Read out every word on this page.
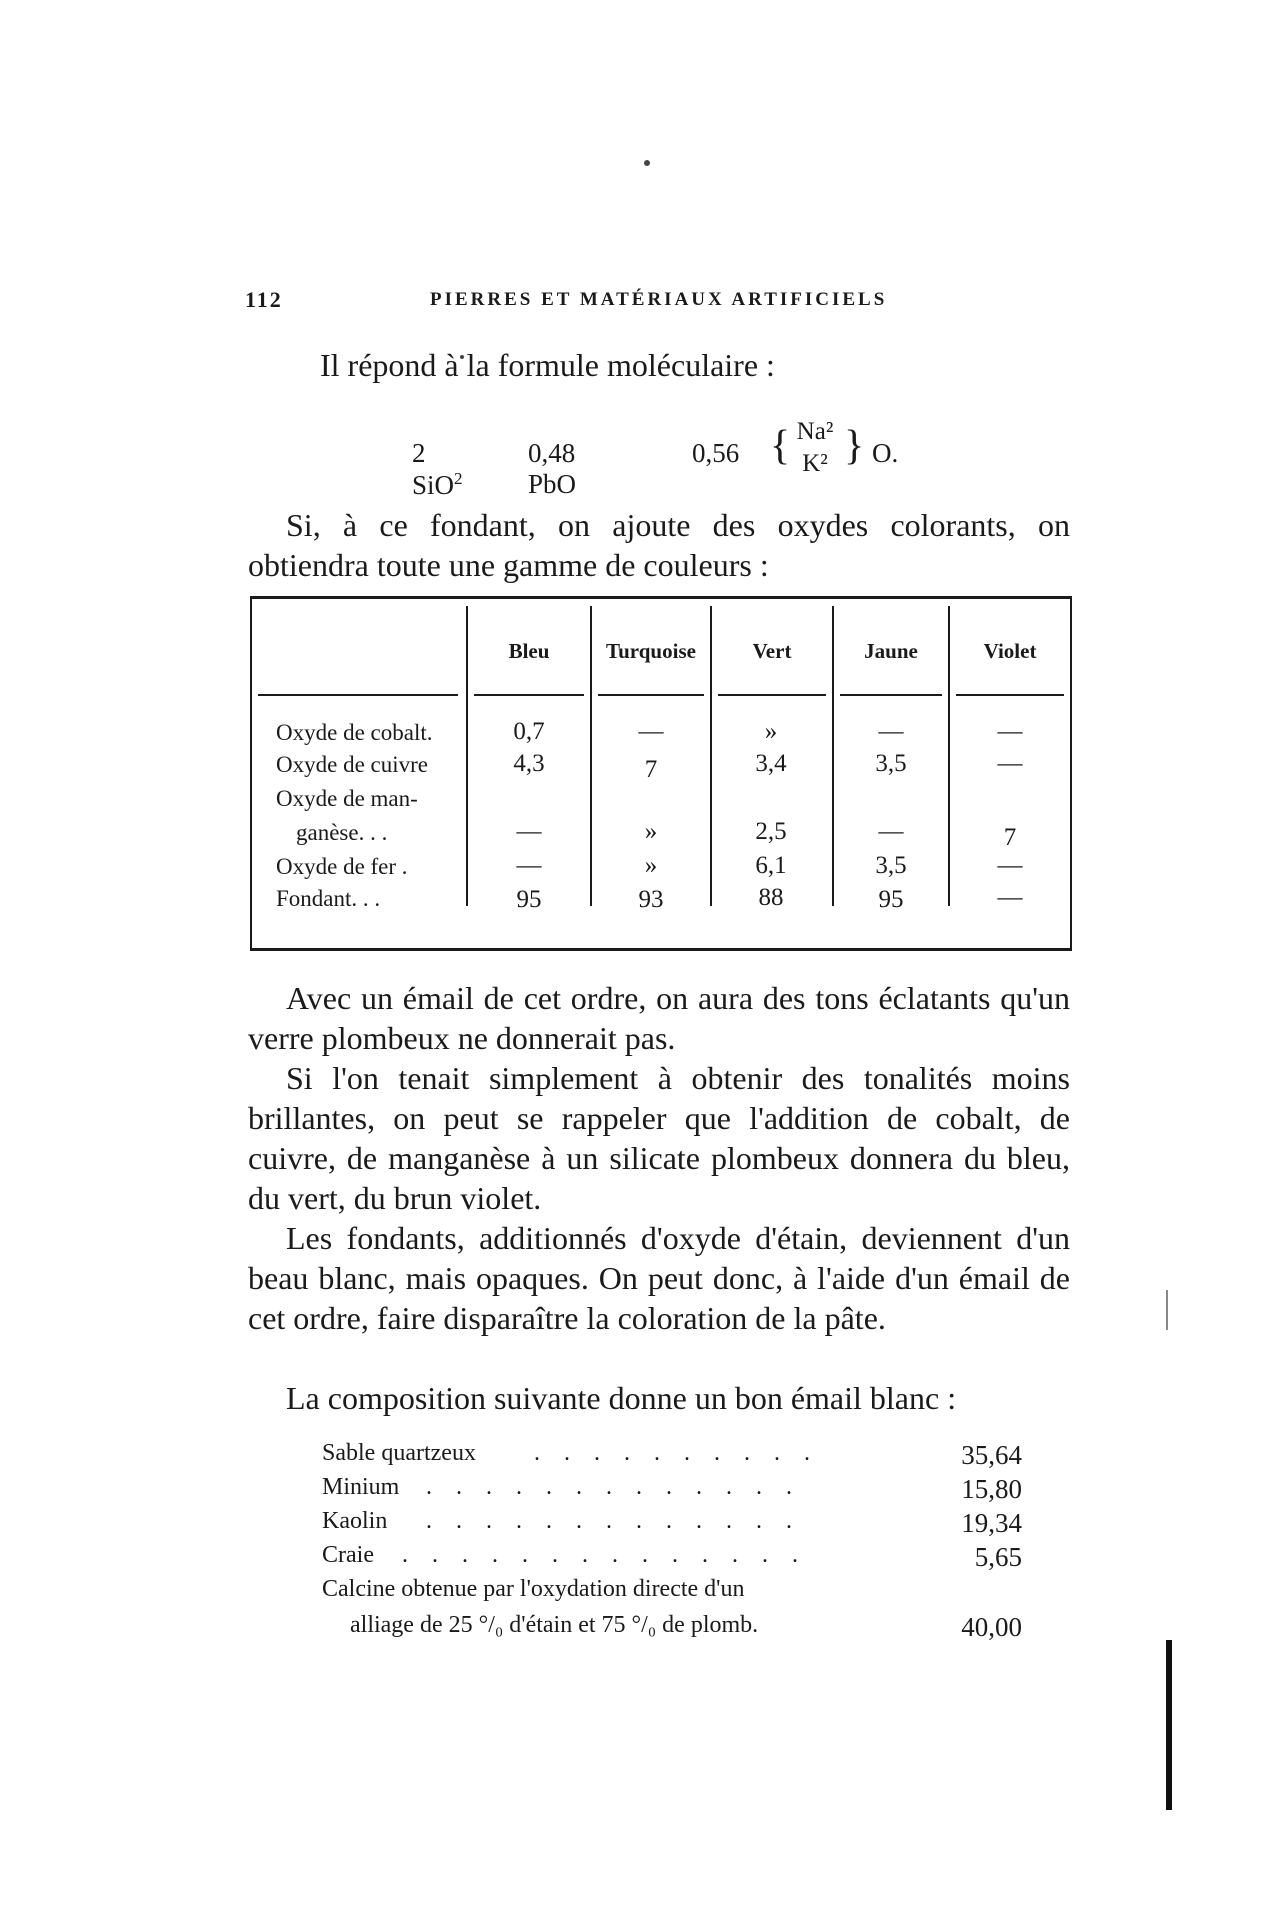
112	PIERRES ET MATÉRIAUX ARTIFICIELS
Il répond à la formule moléculaire :
2 SiO$^2$
0,48 PbO
0,56 { Na²
K² } O.
Si, à ce fondant, on ajoute des oxydes colorants, on obtiendra toute une gamme de couleurs :
Bleu	Turquoise	Vert	Jaune	Violet
Oxyde de cobalt.	0,7	—	»	—	—
Oxyde de cuivre	4,3	7	3,4	3,5	—
Oxyde de man-
ganèse. . .	—	»	2,5	—	7
Oxyde de fer .	—	»	6,1	3,5	—
Fondant. . .	95	93	88	95	—
Avec un émail de cet ordre, on aura des tons éclatants qu'un verre plombeux ne donnerait pas.
Si l'on tenait simplement à obtenir des tonalités moins brillantes, on peut se rappeler que l'addition de cobalt, de cuivre, de manganèse à un silicate plombeux donnera du bleu, du vert, du brun violet.
Les fondants, additionnés d'oxyde d'étain, deviennent d'un beau blanc, mais opaques. On peut donc, à l'aide d'un émail de cet ordre, faire disparaître la coloration de la pâte.
La composition suivante donne un bon émail blanc :
Sable quartzeux . . . . . . . . . .	35,64
Minium . . . . . . . . . . . . .	15,80
Kaolin . . . . . . . . . . . . .	19,34
Craie . . . . . . . . . . . . . .	5,65
Calcine obtenue par l'oxydation directe d'un
alliage de 25 °/₀ d'étain et 75 °/₀ de plomb.	40,00
